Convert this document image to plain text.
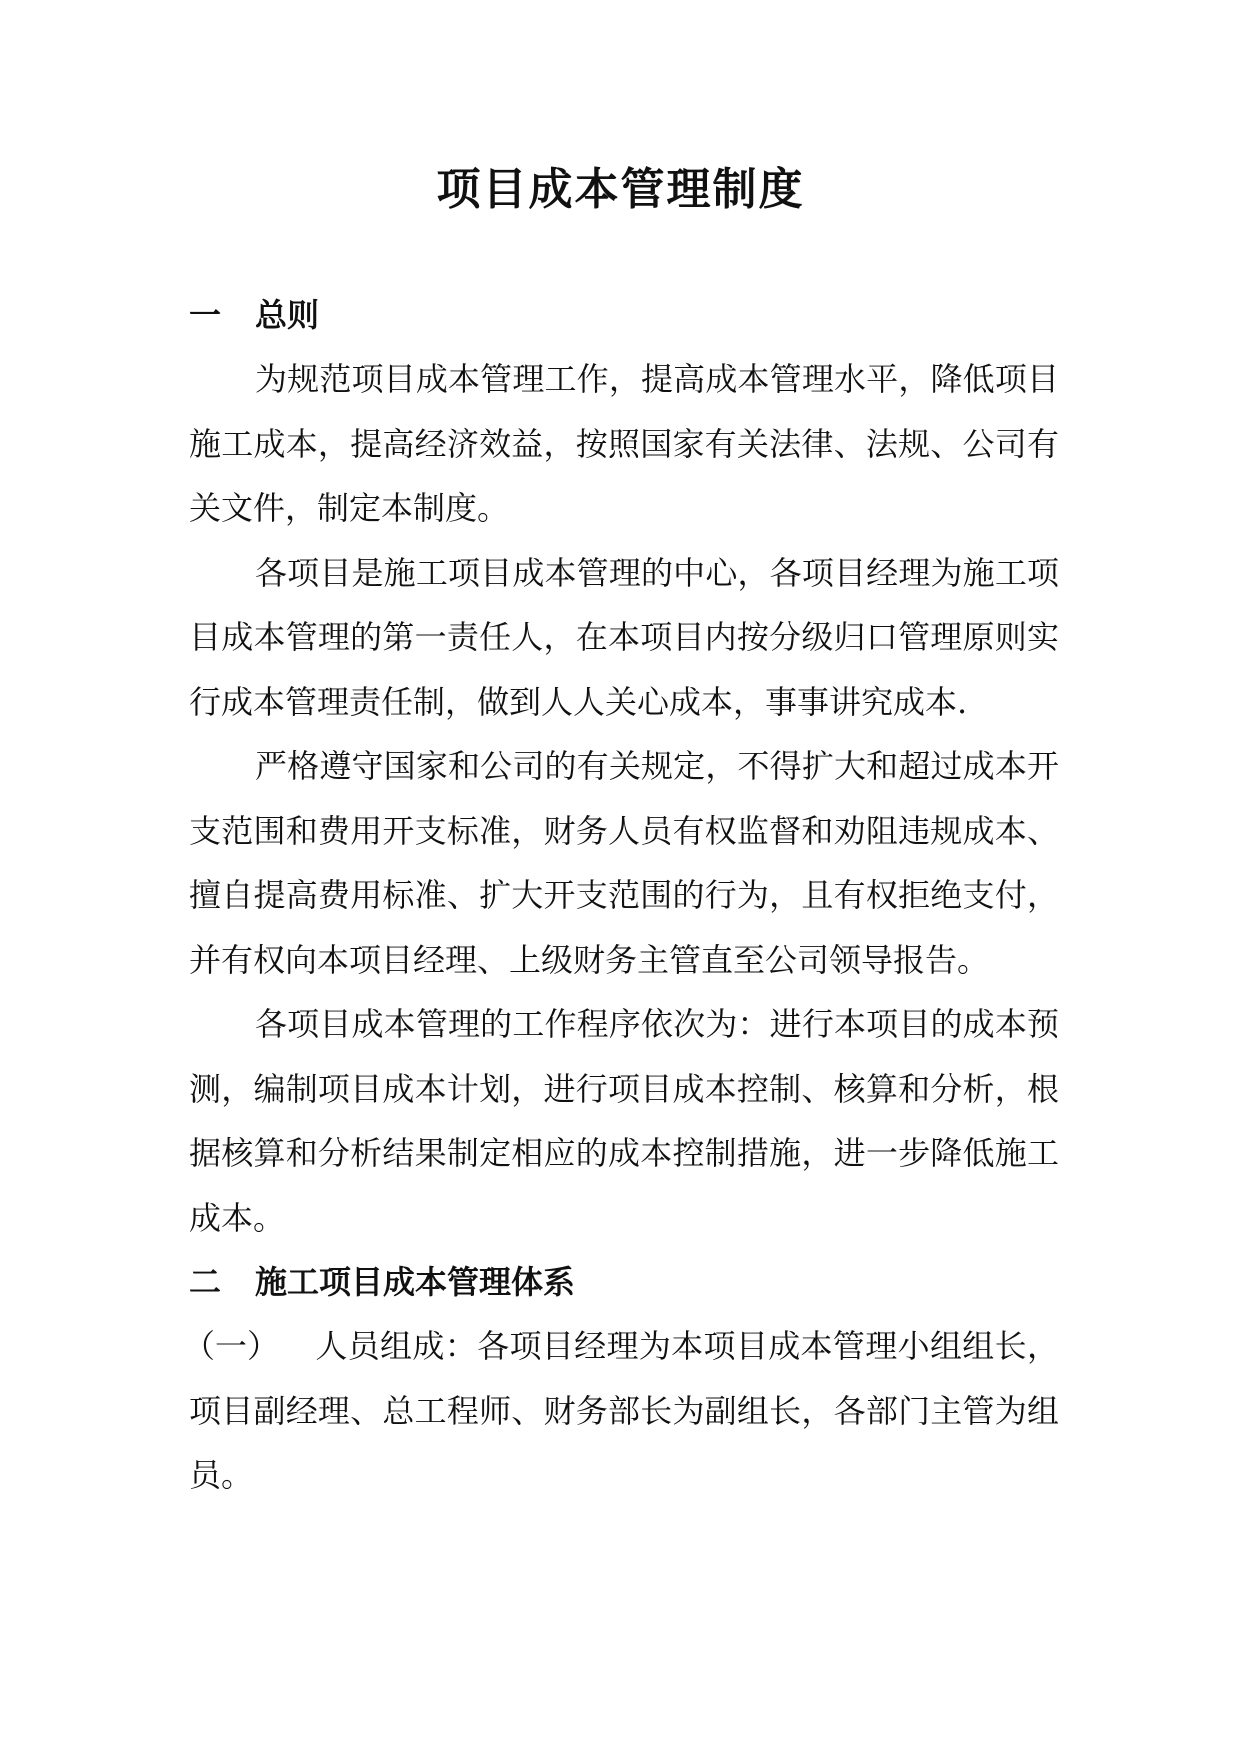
项目成本管理制度
一 总则

为规范项目成本管理工作，提高成本管理水平，降低项目施工成本，提高经济效益，按照国家有关法律、法规、公司有关文件，制定本制度。

各项目是施工项目成本管理的中心，各项目经理为施工项目成本管理的第一责任人，在本项目内按分级归口管理原则实行成本管理责任制，做到人人关心成本，事事讲究成本.

严格遵守国家和公司的有关规定，不得扩大和超过成本开支范围和费用开支标准，财务人员有权监督和劝阻违规成本、擅自提高费用标准、扩大开支范围的行为，且有权拒绝支付，并有权向本项目经理、上级财务主管直至公司领导报告。

各项目成本管理的工作程序依次为：进行本项目的成本预测，编制项目成本计划，进行项目成本控制、核算和分析，根据核算和分析结果制定相应的成本控制措施，进一步降低施工成本。

二 施工项目成本管理体系

（一） 人员组成：各项目经理为本项目成本管理小组组长，项目副经理、总工程师、财务部长为副组长，各部门主管为组员。
